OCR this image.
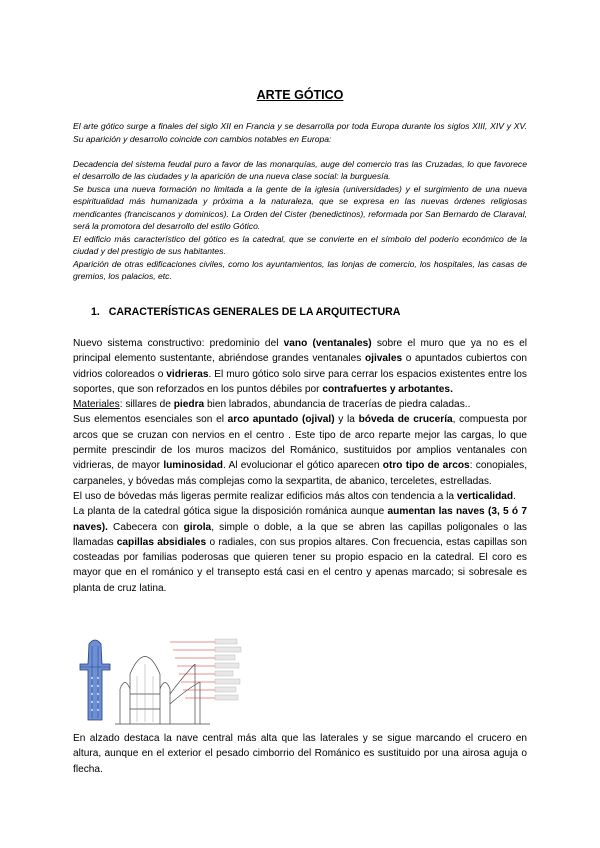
ARTE GÓTICO

El arte gótico surge a finales del siglo XII en Francia y se desarrolla por toda Europa durante los siglos XIII, XIV y XV. Su aparición y desarrollo coincide con cambios notables en Europa:

Decadencia del sistema feudal puro a favor de las monarquías, auge del comercio tras las Cruzadas, lo que favorece el desarrollo de las ciudades y la aparición de una nueva clase social: la burguesía.

Se busca una nueva formación no limitada a la gente de la iglesia (universidades) y el surgimiento de una nueva espiritualidad más humanizada y próxima a la naturaleza, que se expresa en las nuevas órdenes religiosas mendicantes (franciscanos y dominicos). La Orden del Cister (benedictinos), reformada por San Bernardo de Claraval, será la promotora del desarrollo del estilo Gótico.

El edificio más característico del gótico es la catedral, que se convierte en el símbolo del poderío económico de la ciudad y del prestigio de sus habitantes.

Aparición de otras edificaciones civiles, como los ayuntamientos, las lonjas de comercio, los hospitales, las casas de gremios, los palacios, etc.

1. CARACTERÍSTICAS GENERALES DE LA ARQUITECTURA

Nuevo sistema constructivo: predominio del vano (ventanales) sobre el muro que ya no es el principal elemento sustentante, abriéndose grandes ventanales ojivales o apuntados cubiertos con vidrios coloreados o vidrieras. El muro gótico solo sirve para cerrar los espacios existentes entre los soportes, que son reforzados en los puntos débiles por contrafuertes y arbotantes.

Materiales: sillares de piedra bien labrados, abundancia de tracerías de piedra caladas..

Sus elementos esenciales son el arco apuntado (ojival) y la bóveda de crucería, compuesta por arcos que se cruzan con nervios en el centro . Este tipo de arco reparte mejor las cargas, lo que permite prescindir de los muros macizos del Románico, sustituidos por amplios ventanales con vidrieras, de mayor luminosidad. Al evolucionar el gótico aparecen otro tipo de arcos: conopiales, carpaneles, y bóvedas más complejas como la sexpartita, de abanico, terceletes, estrelladas.

El uso de bóvedas más ligeras permite realizar edificios más altos con tendencia a la verticalidad.

La planta de la catedral gótica sigue la disposición románica aunque aumentan las naves (3, 5 ó 7 naves). Cabecera con girola, simple o doble, a la que se abren las capillas poligonales o las llamadas capillas absidiales o radiales, con sus propios altares. Con frecuencia, estas capillas son costeadas por familias poderosas que quieren tener su propio espacio en la catedral. El coro es mayor que en el románico y el transepto está casi en el centro y apenas marcado; si sobresale es planta de cruz latina.

En alzado destaca la nave central más alta que las laterales y se sigue marcando el crucero en altura, aunque en el exterior el pesado cimborrio del Románico es sustituido por una airosa aguja o flecha.
